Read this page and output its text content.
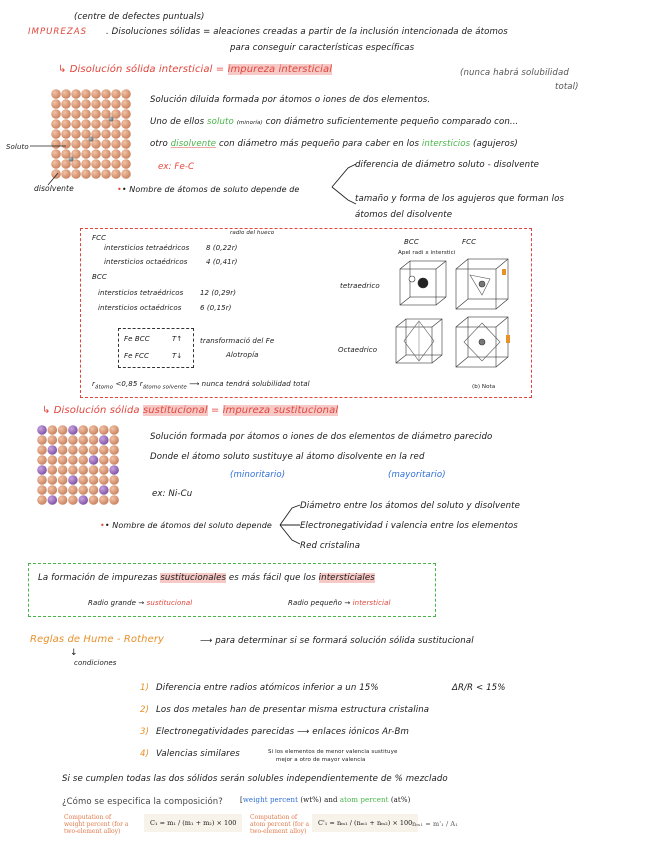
(centre de defectes puntuals)
IMPUREZAS . Disoluciones sólidas = aleaciones creadas a partir de la inclusión intencionada de átomos
para conseguir características específicas
↳ Disolución sólida intersticial = impureza intersticial	(nunca habrá solubilidad
total)
Soluto
disolvente
Solución diluida formada por átomos o iones de dos elementos.
Uno de ellos soluto (minoría) con diámetro suficientemente pequeño comparado con...
otro disolvente con diámetro más pequeño para caber en los intersticios (agujeros)
ex: Fe-C
•• Nombre de átomos de soluto depende de
diferencia de diámetro soluto - disolvente
tamaño y forma de los agujeros que forman los
átomos del disolvente
FCC
radio del hueco
intersticios tetraédricos 8 (0,22r)
intersticios octaédricos	4 (0,41r)
BCC
intersticios tetraédricos 12 (0,29r)
intersticios octaédricos	6 (0,15r)
Fe BCC	T↑
Fe FCC	T↓
transformació del Fe
Alotropía
$r_{átomo} <0,85$ $r_{átomo solvente}$ ⟶ nunca tendrá solubilidad total
BCC	FCC
Apel radi x interstici
tetraedrico
Octaedrico
(b) Nota
↳ Disolución sólida sustitucional = impureza sustitucional
Solución formada por átomos o iones de dos elementos de diámetro parecido
Donde el átomo soluto sustituye al átomo disolvente en la red
(minoritario)	(mayoritario)
ex: Ni-Cu
•• Nombre de átomos del soluto depende
Diámetro entre los átomos del soluto y disolvente
Electronegatividad i valencia entre los elementos
Red cristalina
La formación de impurezas sustitucionales es más fácil que los intersticiales
Radio grande → sustitucional	Radio pequeño → intersticial
Reglas de Hume - Rothery	⟶ para determinar si se formará solución sólida sustitucional
↓
condiciones
1) Diferencia entre radios atómicos inferior a un 15%	ΔR/R < 15%
2) Los dos metales han de presentar misma estructura cristalina
3) Electronegatividades parecidas ⟶ enlaces iónicos Ar-Bm
4) Valencias similares	Si los elementos de menor valencia sustituye
mejor a otro de mayor valencia
Si se cumplen todas las dos sólidos serán solubles independientemente de % mezclado
¿Cómo se especifica la composición? [weight percent (wt%) and atom percent (at%)
Computation of
weight percent (for a
two-element alloy)
C₁ = m₁ / (m₁ + m₂) × 100
Computation of
atom percent (for a
two-element alloy)
C'₁ = nₘ₁ / (nₘ₁ + nₘ₂) × 100 nₘ₁ = m'₁ / A₁
